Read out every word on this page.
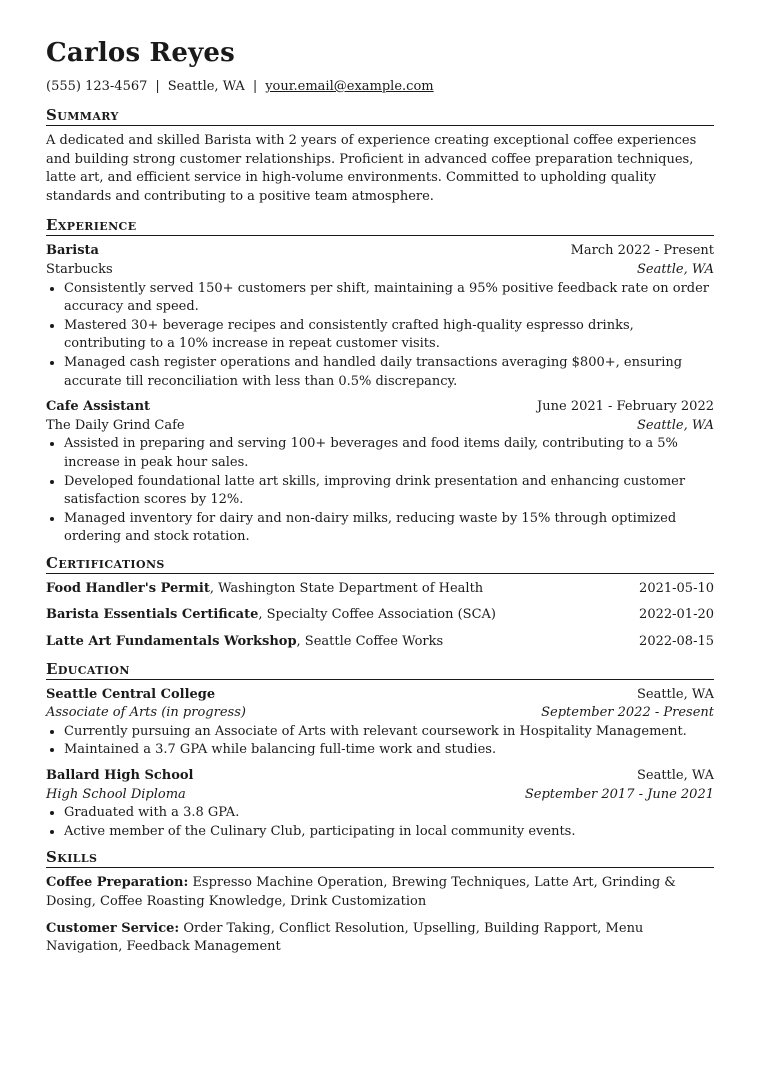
Carlos Reyes
(555) 123-4567 | Seattle, WA | your.email@example.com
Summary
A dedicated and skilled Barista with 2 years of experience creating exceptional coffee experiences and building strong customer relationships. Proficient in advanced coffee preparation techniques, latte art, and efficient service in high-volume environments. Committed to upholding quality standards and contributing to a positive team atmosphere.
Experience
Barista	March 2022 - Present
Starbucks	Seattle, WA
• Consistently served 150+ customers per shift, maintaining a 95% positive feedback rate on order accuracy and speed.
• Mastered 30+ beverage recipes and consistently crafted high-quality espresso drinks, contributing to a 10% increase in repeat customer visits.
• Managed cash register operations and handled daily transactions averaging $800+, ensuring accurate till reconciliation with less than 0.5% discrepancy.
Cafe Assistant	June 2021 - February 2022
The Daily Grind Cafe	Seattle, WA
• Assisted in preparing and serving 100+ beverages and food items daily, contributing to a 5% increase in peak hour sales.
• Developed foundational latte art skills, improving drink presentation and enhancing customer satisfaction scores by 12%.
• Managed inventory for dairy and non-dairy milks, reducing waste by 15% through optimized ordering and stock rotation.
Certifications
Food Handler's Permit, Washington State Department of Health	2021-05-10
Barista Essentials Certificate, Specialty Coffee Association (SCA)	2022-01-20
Latte Art Fundamentals Workshop, Seattle Coffee Works	2022-08-15
Education
Seattle Central College	Seattle, WA
Associate of Arts (in progress)	September 2022 - Present
• Currently pursuing an Associate of Arts with relevant coursework in Hospitality Management.
• Maintained a 3.7 GPA while balancing full-time work and studies.
Ballard High School	Seattle, WA
High School Diploma	September 2017 - June 2021
• Graduated with a 3.8 GPA.
• Active member of the Culinary Club, participating in local community events.
Skills
Coffee Preparation: Espresso Machine Operation, Brewing Techniques, Latte Art, Grinding & Dosing, Coffee Roasting Knowledge, Drink Customization
Customer Service: Order Taking, Conflict Resolution, Upselling, Building Rapport, Menu Navigation, Feedback Management
